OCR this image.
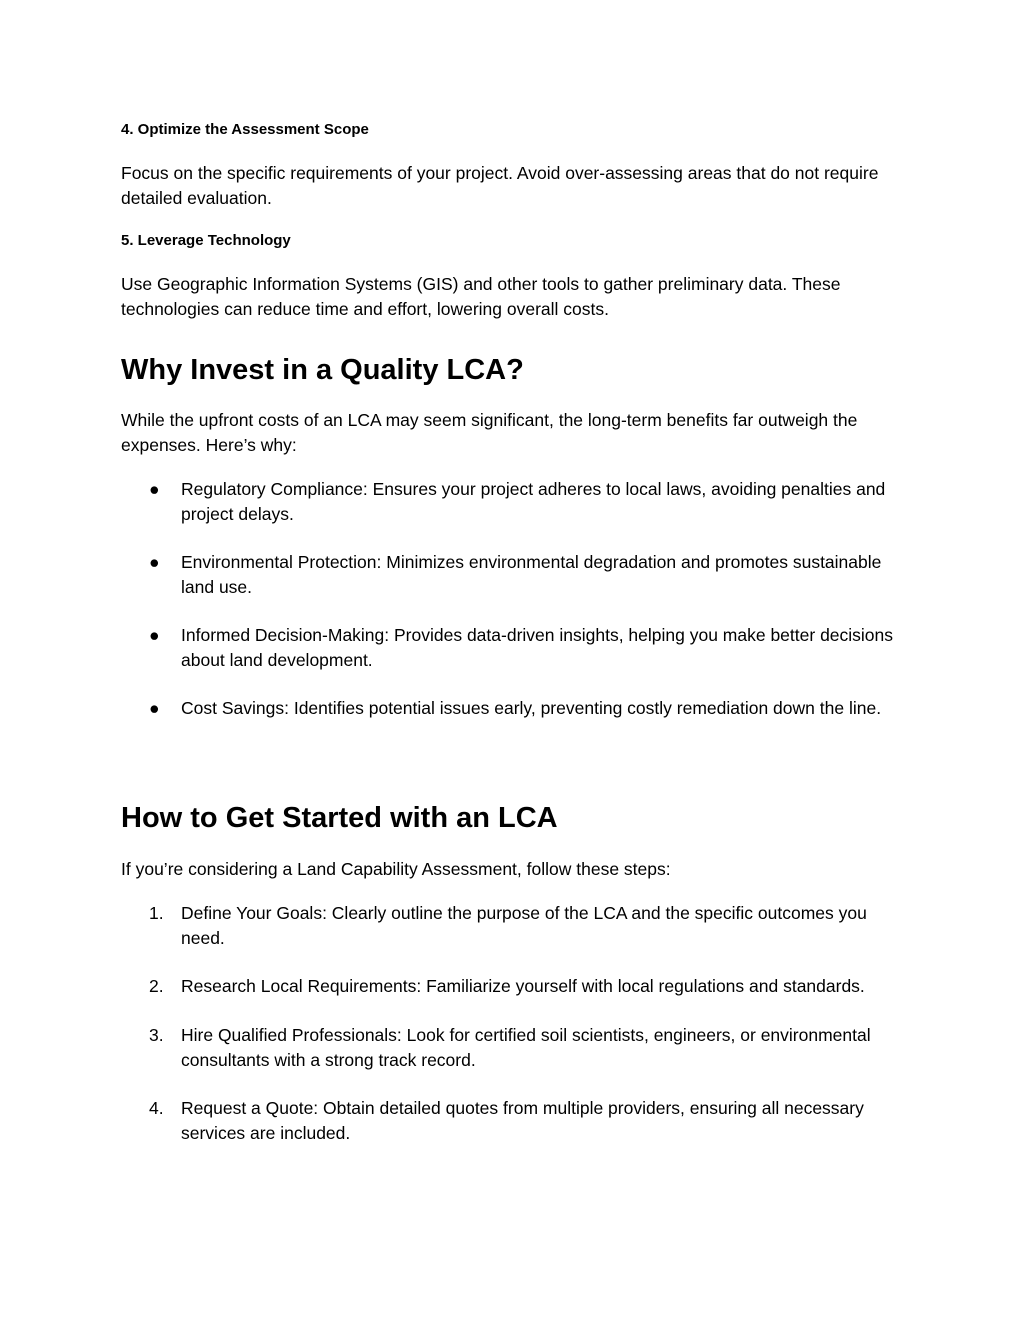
4. Optimize the Assessment Scope
Focus on the specific requirements of your project. Avoid over-assessing areas that do not require detailed evaluation.
5. Leverage Technology
Use Geographic Information Systems (GIS) and other tools to gather preliminary data. These technologies can reduce time and effort, lowering overall costs.
Why Invest in a Quality LCA?
While the upfront costs of an LCA may seem significant, the long-term benefits far outweigh the expenses. Here’s why:
●	Regulatory Compliance: Ensures your project adheres to local laws, avoiding penalties and project delays.
●	Environmental Protection: Minimizes environmental degradation and promotes sustainable land use.
●	Informed Decision-Making: Provides data-driven insights, helping you make better decisions about land development.
●	Cost Savings: Identifies potential issues early, preventing costly remediation down the line.
How to Get Started with an LCA
If you’re considering a Land Capability Assessment, follow these steps:
1. Define Your Goals: Clearly outline the purpose of the LCA and the specific outcomes you need.
2. Research Local Requirements: Familiarize yourself with local regulations and standards.
3. Hire Qualified Professionals: Look for certified soil scientists, engineers, or environmental consultants with a strong track record.
4. Request a Quote: Obtain detailed quotes from multiple providers, ensuring all necessary services are included.
